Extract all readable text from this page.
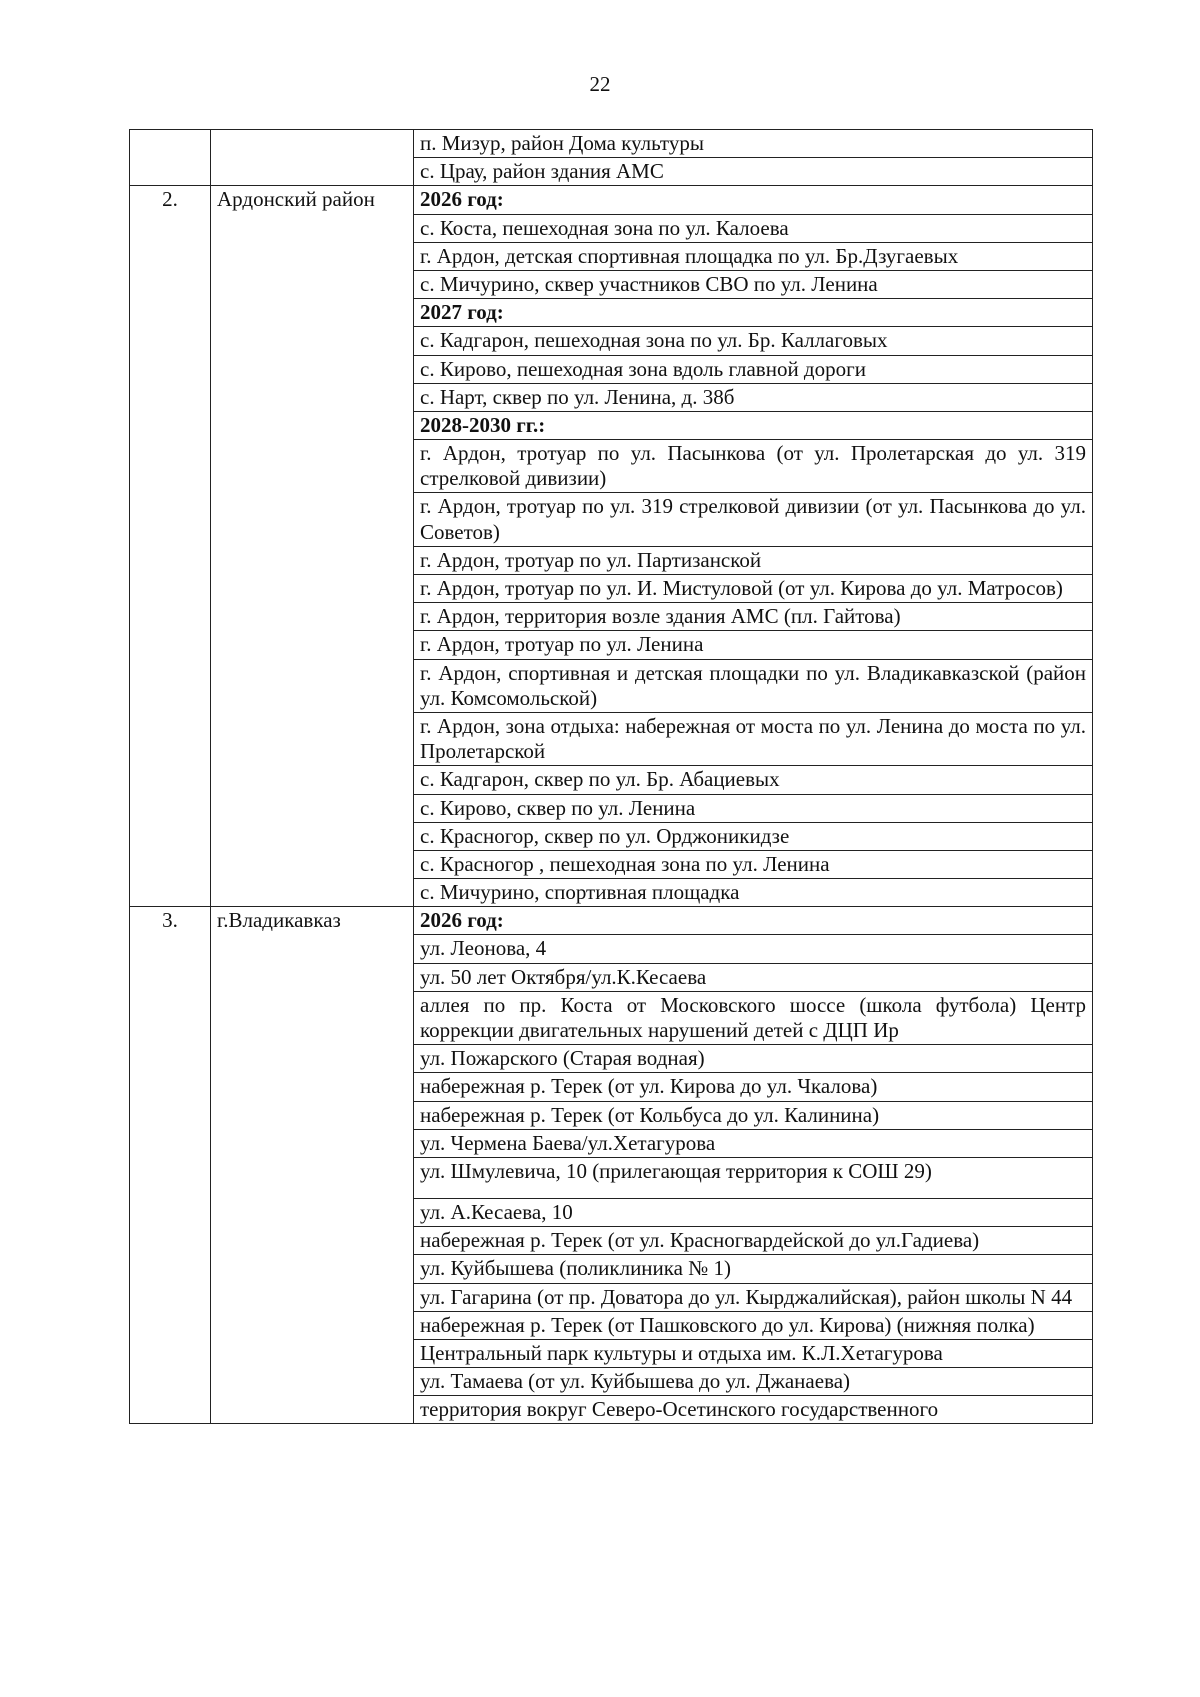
22
		п. Мизур, район Дома культуры
		с. Цpау, район здания АМС
2.	Ардонский район	2026 год:
		с. Коста, пешеходная зона по ул. Калоева
		г. Ардон, детская спортивная площадка по ул. Бр.Дзугаевых
		с. Мичурино, сквер участников СВО по ул. Ленина
		2027 год:
		с. Кадгарон, пешеходная зона по ул. Бр. Каллаговых
		с. Кирово, пешеходная зона вдоль главной дороги
		с. Нарт, сквер по ул. Ленина, д. 38б
		2028-2030 гг.:
		г. Ардон, тротуар по ул. Пасынкова (от ул. Пролетарская до ул. 319 стрелковой дивизии)
		г. Ардон, тротуар по ул. 319 стрелковой дивизии (от ул. Пасынкова до ул. Советов)
		г. Ардон, тротуар по ул. Партизанской
		г. Ардон, тротуар по ул. И. Мистуловой (от ул. Кирова до ул. Матросов)
		г. Ардон, территория возле здания АМС (пл. Гайтова)
		г. Ардон, тротуар по ул. Ленина
		г. Ардон, спортивная и детская площадки по ул. Владикавказской (район ул. Комсомольской)
		г. Ардон, зона отдыха: набережная от моста по ул. Ленина до моста по ул. Пролетарской
		с. Кадгарон, сквер по ул. Бр. Абациевых
		с. Кирово, сквер по ул. Ленина
		с. Красногор, сквер по ул. Орджоникидзе
		с. Красногор , пешеходная зона по ул. Ленина
		с. Мичурино, спортивная площадка
3.	г.Владикавказ	2026 год:
		ул. Леонова, 4
		ул. 50 лет Октября/ул.К.Кесаева
		аллея по пр. Коста от Московского шоссе (школа футбола) Центр коррекции двигательных нарушений детей с ДЦП Ир
		ул. Пожарского (Старая водная)
		набережная р. Терек (от ул. Кирова до ул. Чкалова)
		набережная р. Терек (от Кольбуса до ул. Калинина)
		ул. Чермена Баева/ул.Хетагурова
		ул. Шмулевича, 10 (прилегающая территория к СОШ 29)
		ул. А.Кесаева, 10
		набережная р. Терек (от ул. Красногвардейской до ул.Гадиева)
		ул. Куйбышева (поликлиника № 1)
		ул. Гагарина (от пр. Доватора до ул. Кырджалийская), район школы N 44
		набережная р. Терек (от Пашковского до ул. Кирова) (нижняя полка)
		Центральный парк культуры и отдыха им. К.Л.Хетагурова
		ул. Тамаева (от ул. Куйбышева до ул. Джанаева)
		территория вокруг Северо-Осетинского государственного
